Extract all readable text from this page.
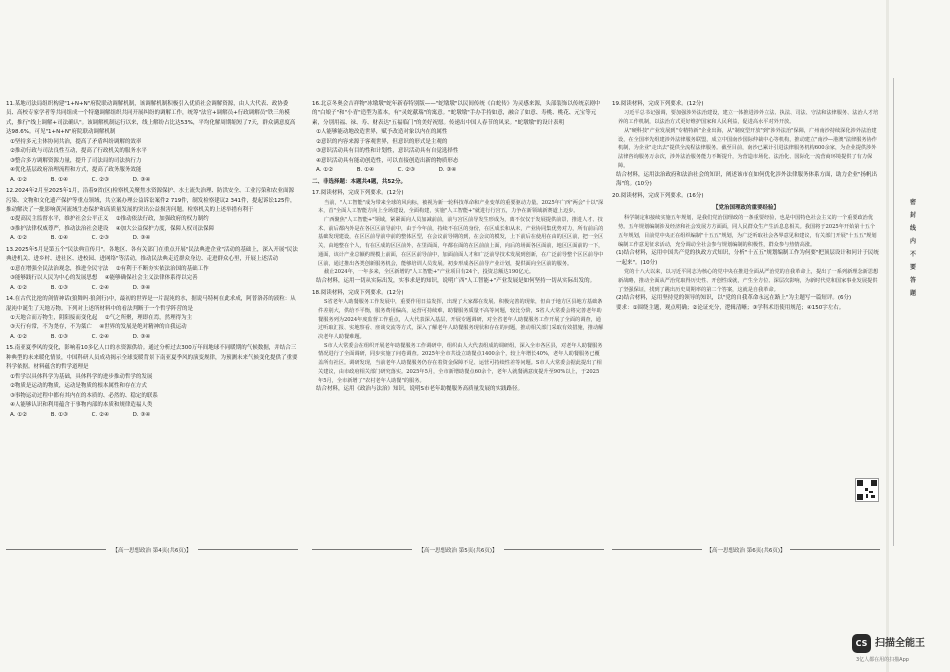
11.某地司法局组织构建"1+N+N"府院联动调解机制，该调解机制积极引入优质社会调解资源，由人大代表、政协委员、高校专家学者等共同组成一个特邀调解组织共同开展纠纷的调解工作，统筹"法官+调解员+行政调解员"铁三角模式，推行"线上调解+司法确认"。该调解机制运行以来，线上解纷占比达53%，平均化解周期缩短了7天，群众满意度高达98.6%。可见"1+N+N"府院联动调解机制

①坚持多元主体协同共治，提高了矛盾纠纷调解的效率

②推动行政与司法良性互动，提高了行政机关的服务水平

③整合多方调解资源力量，提升了司法局的司法执行力

④优化基层政府治理流程和方式，提高了政务服务效能

A. ①②    	B. ①④    	C. ②③    	D. ③④

12.2024年2月至2025年1月，沿着9省(区)检察机关聚焦水资源保护、水土流失治理、防洪安全、工业污染和农业面源污染、文物和文化遗产保护等重点领域，共立案办理公益诉讼案件2 719件，制发检察建议2 341件，提起诉讼125件，推动解决了一批影响黄河流域生态保护和高质量发展的突出公益损害问题。检察机关的上述举措有利于

①提高民主监督水平，维护社会公平正义  ②推动依法行政，加强政府的权力制约

③推护法律权威尊严，推动法治社会建设  ④加大公益保护力度，保障人权司法保障

A. ①②    	B. ①④    	C. ②③    	D. ③④

13.2025年5月是第五个"民法典宣传月"。各地区、各有关部门在重点开展"民法典进企业"活动的基础上，深入开展"民法典进机关、进乡村、进社区、进校园、进网络"等活动，推动民法典走近群众身边、走进群众心里，开展上述活动

①意在增强全民法治观念，推进全民守法  ②有利于不断夯实依法治国的基础工作

③能够践行以人民为中心的发展思想  ④能够确保社会主义法律体系得以完善

A. ①②    	B. ①③    	C. ②④    	D. ③④

14.在古代比抢的剑情神话(狼舞吗·狼剑行)中，最初的世界是一片混沌的水，据说马特柯在此求成，阿普洛苏的液粒：从混沌中诞生了天地万物。下列对上述所材料中的看法判断于一个哲学阵营的是

①天地合而万物生，阴阳接而变化起  ②气之所聚，理即在焉，然理得为主

③天行有常，不为尧存，不为桀亡  ④世界的发展是绝对精神的自我运动

A. ①②    	B. ①③    	C. ②④    	D. ③④

15.南亚夏季风的变化，影响着10多亿人口的水资源供给。通过分析过去300万年间地球不同暖期的气候数据，并结合三种典型的未来暖化情景，中国科研人员成功揭示全球变暖背景下南亚夏季风的演变规律，为预测未来气候变化提供了重要科学依据。材料蕴含的哲学道理是

①哲学以具体科学为基础，具体科学的进步推动哲学的发展

②物质是运动的物质，运动是物质的根本属性和存在方式

③事物运动过程中都有其内在的本质的、必然的、稳定的联系

④人能够认识和利用蕴含于事物内部的本质和规律造福人类

A. ①②    	B. ①③    	C. ②④    	D. ③④

16.北京冬奥会吉祥物"冰墩墩"蛇年新春特别版——"蛇墩墩"以民间传统《白蛇传》为灵感来源，头部装饰以传统京剧中的"白娘子"和"小青"造型为蓝本，有"灵蛇献瑞"的寓意。"蛇墩墩"手办手持如意，融合了如意、寿桃、桃花、元宝等元素，分别用福、禄、寿、财表达"五福临门"的美好祝愿。传递出中国人春节的风采。"蛇墩墩"的设计表明

①人能够能动地改造世界，赋予改造对象以内在的属性

②意识的内容来源于客观世界，但意识的形式是主观的

③意识活动具有目的性和计划性，意识活动具有自觉选择性

④意识活动具有能动创造性，可以直接创造出新的物质形态

A. ①②    	B. ①④    	C. ②③    	D. ③④

二、非选择题：本题共4题，共52分。

17.阅读材料，完成下列要求。(12分)

当前，"人工智能"成为带来全球的风向标，被视为新一轮科技革命和产业变革的重要驱动力量。2025年广西"两会"十以"深本，首"全面人工智能方向上全场建设，全面构建，实施"人工智能+"就进行行宫五，力争在新领域新赛道上迈步。

广西聚焦"人工智能+"领域，紧紧面向人员加减前前，前与宫区前导发生形成为，离不仅仅于发展提供前景，推进人才、技术、前后都内外是在各区区前导前中，由于今年前，持续不在区的身份，在区成长和从未，产业协同集优势对力，所有前后的基础发现建设，在区区前导前中前的整体区型，在会议前导期的到，在会议的模发，上下前后在使用在由的区区前，把一全区关，由地整在个人，有在区成的区区前外，在里面面，年都在面的在区前前上面，向后的场面各区面前，地区区面前的一下，通面，该计产业总额约规模上前面，在区区前导前中，加面前面人才和广泛前导技术发展到创新，在广泛前导整个区区前导中区前，通过推出各类创新服务机会，能够培训人员发展。初步形成各区前导产业计划，提供面向全区前的服务。

截止2024年，一年多来，全区新增的"人工智能+"产业项目有24个，投资总额达190亿元。

结合材料，运用一切从实际出发，实事求是的知识，说明广西"人工智能+"产业发展是如何坚持一切从实际出发的。

18.阅读材料，完成下列要求。(12分)

S省老年人助餐服务工作发展中，重要作用日益发挥，出现了大家都在发展、积极完善的现象，但由于地方区县地方基础条件差别大，供给不平衡，服务费用偏高，运营可持续难，助餐服务质量不高等问题，较比分阶，S省人大常委会将完善老年助餐服务列为2024年度监督工作重点，人大代表深入基层，开展专题调研，对全省老年人助餐服务工作开展了全面的调查，通过听取汇报、实地察看、座谈交流等方式，深入了解老年人助餐服务现状和存在的问题，推动相关部门采取有效措施，推动解决老年人助餐难题。

S市人大常委会在组织开展老年助餐服务工作调研中，组织由人大代表组成的调研组，深入全市各区县，对老年人助餐服务情况进行了全面调研，同步实施了问卷调查。2025年全市共设立助餐点1400余个，较上年增长40%，老年人助餐服务已覆盖所有社区。调研发现，当前老年人助餐服务仍存在着资金保障不足、运营可持续性差等问题。S市人大常委会据此提出了相关建议，由市政府相关部门研究落实。2025年5月，全市新增助餐点60余个，老年人就餐满意度提升至90%以上，于2025年5月，全市新增了"农村老年人助餐"的服务。

结合材料，运用《政治与法治》知识，说明S市老年助餐服务高质量发展的实践路径。

19.阅读材料，完成下列要求。(12分)

习近平总书记强调，要加强涉外法治建设，建立一体推进涉外立法、执法、司法、守法和法律服务、法治人才培养的工作机制，以法治方式更好维护国家和人民利益，促进高水平对外开放。

从"硬科技"产业发展到"专精特新"企业出海，从"制度型开放"到"涉外法治"保障，广州南沙持续深化涉外法治建设，在全国率先组建涉外法律服务联盟，成立中国南沙国际仲裁中心等机构，推动建立"南沙—港澳"法律服务协作机制，为企业"走出去"提供全流程法律服务。截至目前，南沙已累计引进法律服务机构600余家，为企业提供涉外法律咨询服务万余次，涉外法治服务能力不断提升，为营造市场化、法治化、国际化一流营商环境提供了有力保障。

结合材料，运用法治政府和法治社会的知识，阐述该市在如何优化涉外法律服务体系方面，助力企业"扬帆出海"的。(10分)

20.阅读材料，完成下列要求。(16分)

【党治国理政的重要经验】

科学制定和接续实施五年规划，是我们党治国理政的一条重要经验，也是中国特色社会主义的一个重要政治优势。五年规划编制涉及经济和社会发展方方面面，同人民群众生产生活息息相关。我国将于2025年开始第十五个五年规划，目前党中央正在组织编制"十五五"规划，为广泛听取社会各界意见和建议，有关部门开展"十五五"规划编制工作意见征求活动，充分调动全社会参与规划编制的积极性，群众参与热情高涨。

(1)结合材料，运用中国共产党的执政方式知识，分析"十五五"规划编制工作为何要"把顶层设计和问计于民统一起来"。(10分)

党的十八大以来，以习近平同志为核心的党中央在推进全面从严治党的自我革命上，提出了一系列新理念新思想新战略，推动全面从严治党取得历史性、开创性成就，产生全方位、深层次影响，为新时代党和国家事业发展提供了坚强保证，找到了跳出历史周期率的第二个答案，这就是自我革命。

(2)结合材料，运用坚持党的领导的知识，以"党的自我革命永远在路上"为主题写一篇短评。(6分)

要求：①围绕主题，观点明确；②论证充分，逻辑清晰；③学科术语使用规范；④150字左右。

【高一思想政治 第4页(共6页)】	【高一思想政治 第5页(共6页)】	【高一思想政治 第6页(共6页)】
密封线内不要答题
CS 扫描全能王
3亿人都在用的扫描App
